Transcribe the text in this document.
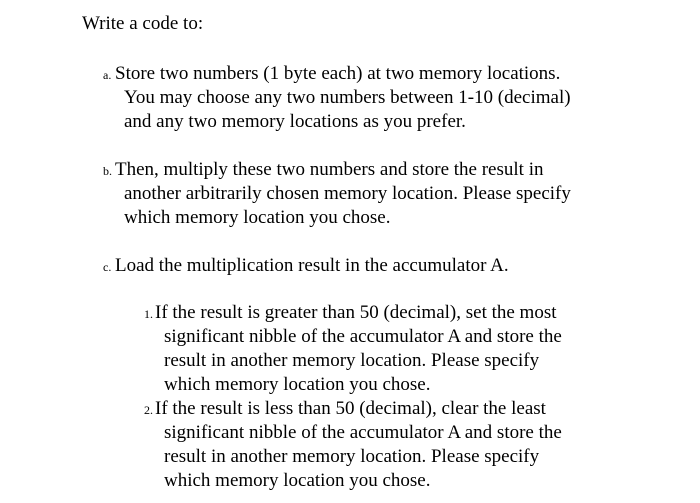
Write a code to:
a. Store two numbers (1 byte each) at two memory locations.
You may choose any two numbers between 1-10 (decimal)
and any two memory locations as you prefer.
b. Then, multiply these two numbers and store the result in
another arbitrarily chosen memory location. Please specify
which memory location you chose.
c. Load the multiplication result in the accumulator A.
1. If the result is greater than 50 (decimal), set the most
significant nibble of the accumulator A and store the
result in another memory location. Please specify
which memory location you chose.
2. If the result is less than 50 (decimal), clear the least
significant nibble of the accumulator A and store the
result in another memory location. Please specify
which memory location you chose.
